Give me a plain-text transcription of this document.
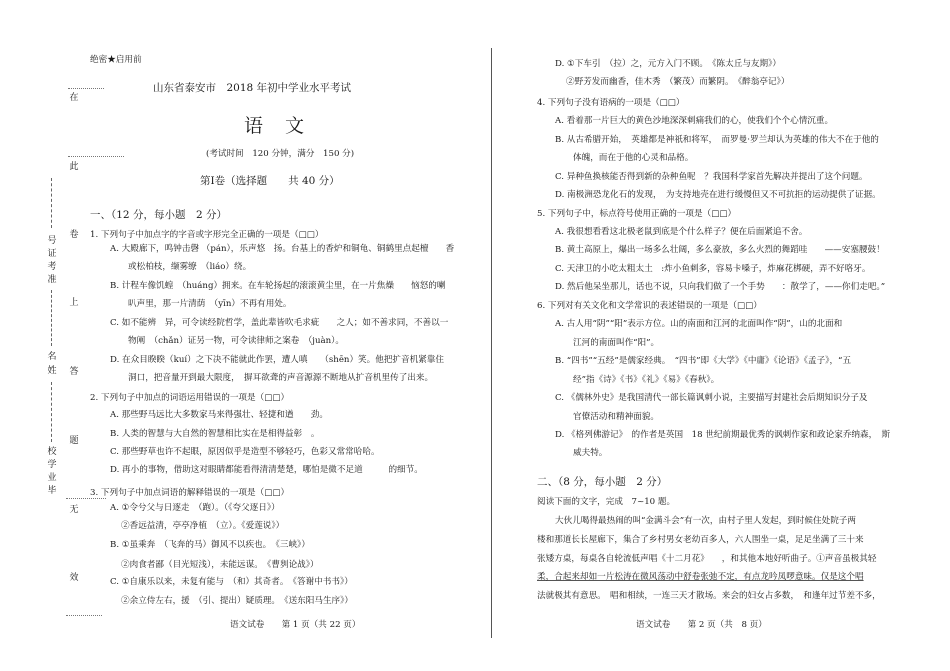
绝密★启用前
山东省泰安市　2018 年初中学业水平考试
语文
(考试时间　120 分钟，满分　150 分)
第Ⅰ卷（选择题　　共 40 分）
一、（12 分，每小题　2 分）
在
此
卷
上
答
题
无
效
号
证
考
准
名
姓
校
学
业
毕
1. 下列句子中加点字的字音或字形完全正确的一项是（□□）
A. 大殿廊下，鸣钟击磬 （pán），乐声悠　扬。台基上的香炉和铜龟、铜鹤里点起檀　　香
或松柏枝，缬雾缭　（liáo）绕。
B. 计程车像饥蝗　（huáng）拥来。在车轮扬起的滚滚黄尘里，在一片焦燥　　恼怒的喇
叭声里，那一片清荫　（yīn）不再有用处。
C. 如不能辨　异，可令读经院哲学，盖此辈皆吹毛求疵　　之人；如不善求同，不善以一
物阐　（chǎn）证另一物，可令读律师之案卷　（juàn）。
D. 在众目睽睽（kuí）之下决不能就此作罢，遭人嗔　　（shēn）笑。他把扩音机紧靠住
洞口，把音量开到最大限度，　摒耳欲聋的声音源源不断地从扩音机里传了出来。
2. 下列句子中加点的词语运用错误的一项是（□□）
A. 那些野马远比大多数家马来得强壮、轻捷和遒　　劲。
B. 人类的智慧与大自然的智慧相比实在是相得益彰　。
C. 那些野草也许不起眼，原因似乎是造型不够轻巧，色彩又常常哈哈。
D. 再小的事物，借助这对眼睛都能看得清清楚楚，哪怕是微不足道　　　的细节。
3. 下列句子中加点词语的解释错误的一项是（□□）
A. ①令兮父与日逐走　（跑）。（《夸父逐日》）
②香远益清，亭亭净植　（立）。《爱莲说》）
B. ①虽乘奔　（飞奔的马）御风不以疾也。　《三峡》）
②肉食者鄙（目光短浅），未能远谋。　《曹刿论战》）
C. ①自康乐以来，未复有能与　（和）其奇者。　《答谢中书书》）
②余立侍左右，援　（引、提出）疑质理。　《送东阳马生序》）
语文试卷　　第 1 页（共 22 页）
D. ①下车引　（拉）之，元方入门不顾。　《陈太丘与友期》）
②野芳发而幽香，佳木秀　（繁茂）而繁阴。　《醉翁亭记》）
4. 下列句子没有语病的一项是（□□）
A. 看着那一片巨大的黄色沙地深深刺痛我们的心，使我们个个心情沉重。
B. 从古希腊开始，　英雄都是神祇和将军，　而罗曼·罗兰却认为英雄的伟大不在于他的
体魄，而在于他的心灵和品格。
C. 异种鱼换核能否得到新的杂种鱼呢　？我国科学家首先解决并提出了这个问题。
D. 南极洲恐龙化石的发现，　为支持地壳在进行缓慢但又不可抗拒的运动提供了证据。
5. 下列句子中，标点符号使用正确的一项是（□□）
A. 我很想看看这北极老鼠到底是个什么样子？便在后面紧追不舍。
B. 黄土高原上，爆出一场多么壮阔，多么豪放，多么火烈的舞蹈哇　　——安塞腰鼓！
C. 天津卫的小吃太粗太土　:炸小鱼刺多，容易卡嗓子，炸麻花梆硬，弄不好咯牙。
D. 然后他呆坐那儿，话也不说，只向我们做了一个手势　　：散学了，——你们走吧。”
6. 下列对有关文化和文学常识的表述错误的一项是（□□）
A. 古人用“阴”“阳”表示方位。山的南面和江河的北面叫作“阴”，山的北面和
江河的南面叫作“阳”。
B. “四书”“五经”是儒家经典。　“四书”即《大学》《中庸》《论语》《孟子》，“五
经”指《诗》《书》《礼》《易》《春秋》。
C. 《儒林外史》是我国清代一部长篇讽刺小说，主要描写封建社会后期知识分子及
官僚活动和精神面貌。
D. 《格列佛游记》　的作者是英国　18 世纪前期最优秀的讽刺作家和政论家乔纳森，　斯
威夫特。
二、（8 分，每小题　2 分）
阅读下面的文字，完成　7~10 题。
大伙儿喝得最热闹的叫“金满斗会”有一次，由村子里人发起，到时候住处院子两
楼和那道长长屋廊下，集合了乡村男女老幼百多人，六人围坐一桌，足足坐满了三十来
张矮方桌，每桌各自轮流低声唱《十二月花》　　，和其他本地好听曲子。①声音虽极其轻
柔，合起来却如一片松涛在微风荡动中舒卷张弛不定，有点龙吟凤啰意味。仅是这个唱
法就极其有意思。　唱和相续，一连三天才散场。来会的妇女占多数，　和逢年过节差不多，
语文试卷　　第 2 页（共　8 页）
